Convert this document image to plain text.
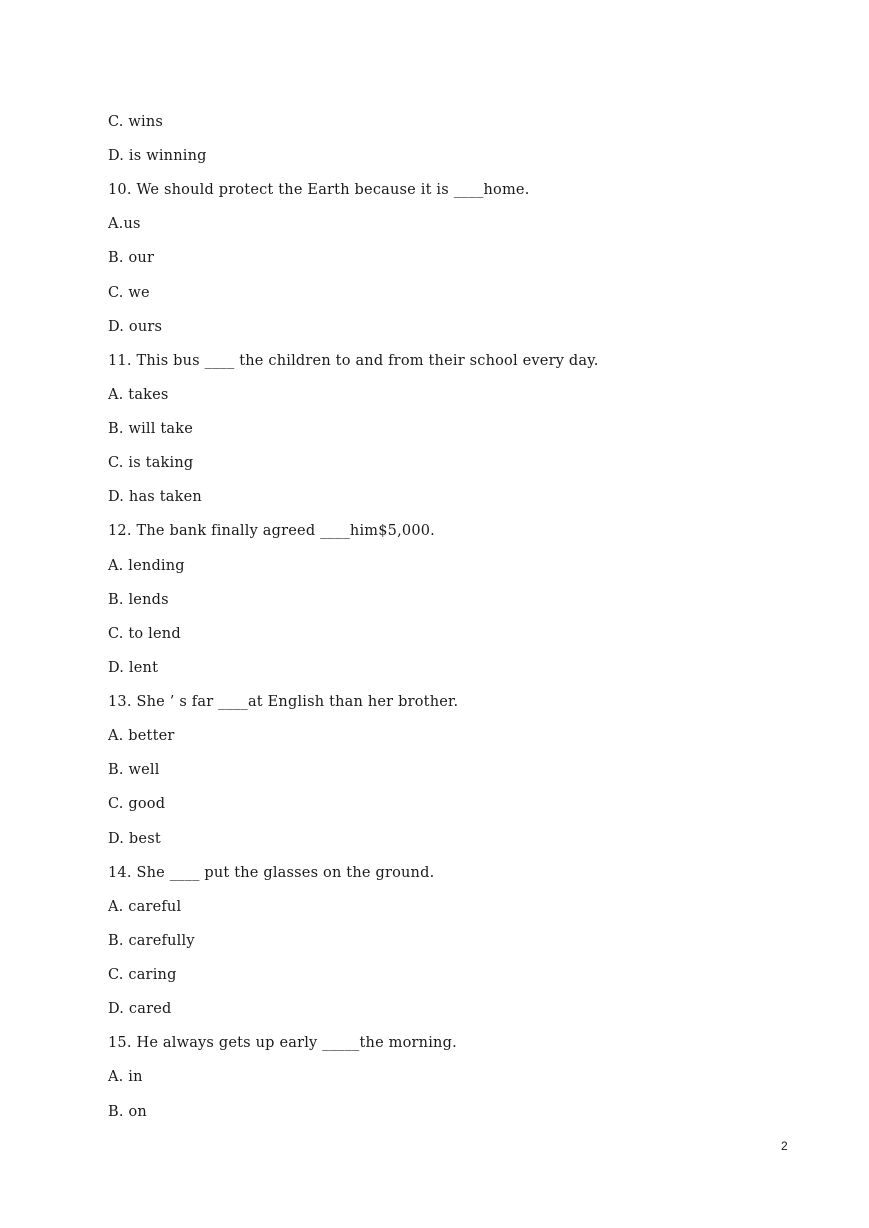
C. wins
D. is winning
10. We should protect the Earth because it is ____home.
A.us
B. our
C. we
D. ours
11. This bus ____ the children to and from their school every day.
A. takes
B. will take
C. is taking
D. has taken
12. The bank finally agreed ____him$5,000.
A. lending
B. lends
C. to lend
D. lent
13. She ’ s far ____at English than her brother.
A. better
B. well
C. good
D. best
14. She ____ put the glasses on the ground.
A. careful
B. carefully
C. caring
D. cared
15. He always gets up early _____the morning.
A. in
B. on
2
